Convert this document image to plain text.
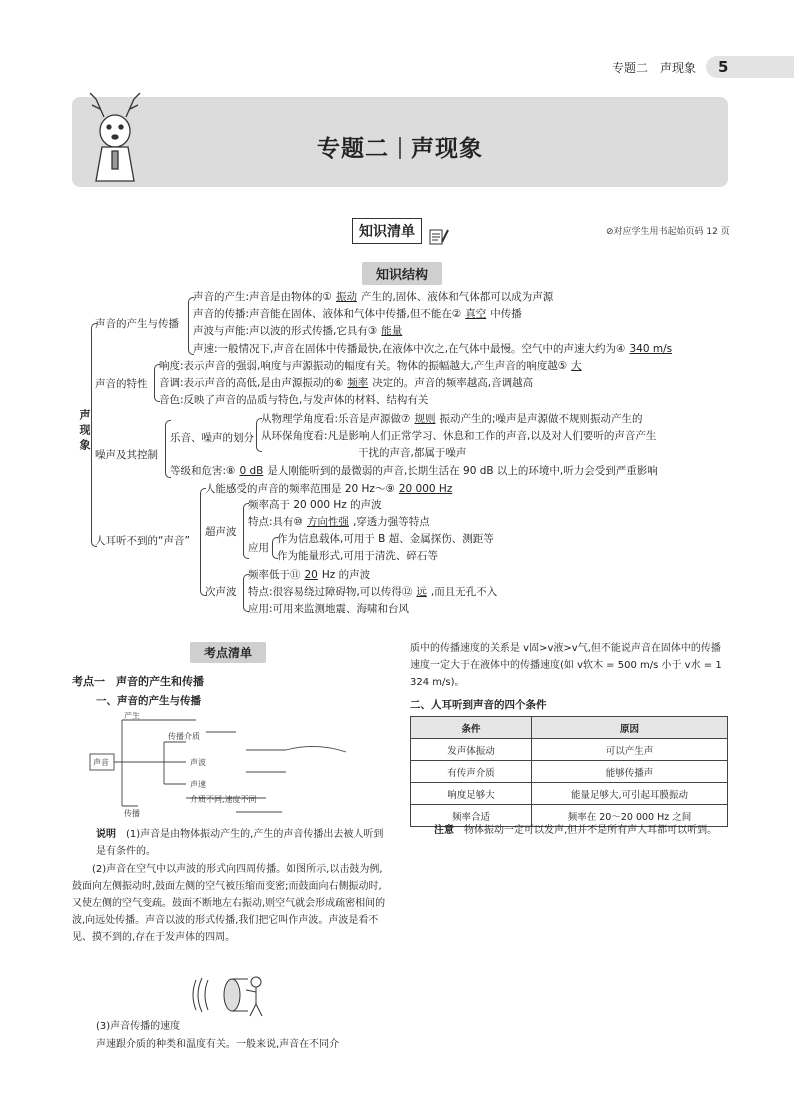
专题二　声现象	5
专题二 声现象
知识清单	⊘对应学生用书起始页码 12 页
知识结构
声现象
声音的产生与传播
声音的产生:声音是由物体的① 振动 产生的,固体、液体和气体都可以成为声源
声音的传播:声音能在固体、液体和气体中传播,但不能在② 真空 中传播
声波与声能:声以波的形式传播,它具有③ 能量
声速:一般情况下,声音在固体中传播最快,在液体中次之,在气体中最慢。空气中的声速大约为④ 340 m/s
声音的特性
响度:表示声音的强弱,响度与声源振动的幅度有关。物体的振幅越大,产生声音的响度越⑤ 大
音调:表示声音的高低,是由声源振动的⑥ 频率 决定的。声音的频率越高,音调越高
音色:反映了声音的品质与特色,与发声体的材料、结构有关
噪声及其控制
乐音、噪声的划分
从物理学角度看:乐音是声源做⑦ 规则 振动产生的;噪声是声源做不规则振动产生的
从环保角度看:凡是影响人们正常学习、休息和工作的声音,以及对人们要听的声音产生
干扰的声音,都属于噪声
等级和危害:⑧ 0 dB 是人刚能听到的最微弱的声音,长期生活在 90 dB 以上的环境中,听力会受到严重影响
人耳听不到的“声音”
人能感受的声音的频率范围是 20 Hz～⑨ 20 000 Hz
超声波
频率高于 20 000 Hz 的声波
特点:具有⑩ 方向性强 ,穿透力强等特点
应用
作为信息载体,可用于 B 超、金属探伤、测距等
作为能量形式,可用于清洗、碎石等
次声波
频率低于⑪ 20 Hz 的声波
特点:很容易绕过障碍物,可以传得⑫ 远 ,而且无孔不入
应用:可用来监测地震、海啸和台风
考点清单
考点一　声音的产生和传播
一、声音的产生与传播
声音
产生
传播
传播介质
声波
声速
介质不同,速度不同
说明　 (1)声音是由物体振动产生的,产生的声音传播出去被人听到是有条件的。
(2)声音在空气中以声波的形式向四周传播。如图所示,以击鼓为例,鼓面向左侧振动时,鼓面左侧的空气被压缩而变密;而鼓面向右侧振动时,又使左侧的空气变疏。鼓面不断地左右振动,则空气就会形成疏密相间的波,向远处传播。声音以波的形式传播,我们把它叫作声波。声波是看不见、摸不到的,存在于发声体的四周。
(3)声音传播的速度
声速跟介质的种类和温度有关。一般来说,声音在不同介
质中的传播速度的关系是 v固>v液>v气,但不能说声音在固体中的传播速度一定大于在液体中的传播速度(如 v软木 = 500 m/s 小于 v水 = 1 324 m/s)。
二、人耳听到声音的四个条件
条件	原因
发声体振动	可以产生声
有传声介质	能够传播声
响度足够大	能量足够大,可引起耳膜振动
频率合适	频率在 20～20 000 Hz 之间
注意　 物体振动一定可以发声,但并不是所有声人耳都可以听到。
